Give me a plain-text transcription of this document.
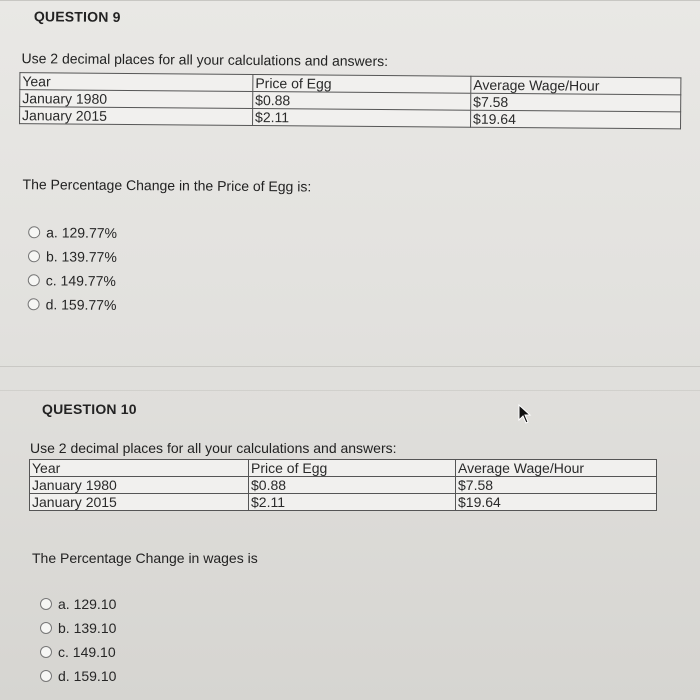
QUESTION 9
Use 2 decimal places for all your calculations and answers:
Year	Price of Egg	Average Wage/Hour
January 1980	$0.88	$7.58
January 2015	$2.11	$19.64
The Percentage Change in the Price of Egg is:
a. 129.77%
b. 139.77%
c. 149.77%
d. 159.77%
QUESTION 10
Use 2 decimal places for all your calculations and answers:
Year	Price of Egg	Average Wage/Hour
January 1980	$0.88	$7.58
January 2015	$2.11	$19.64
The Percentage Change in wages is
a. 129.10
b. 139.10
c. 149.10
d. 159.10
